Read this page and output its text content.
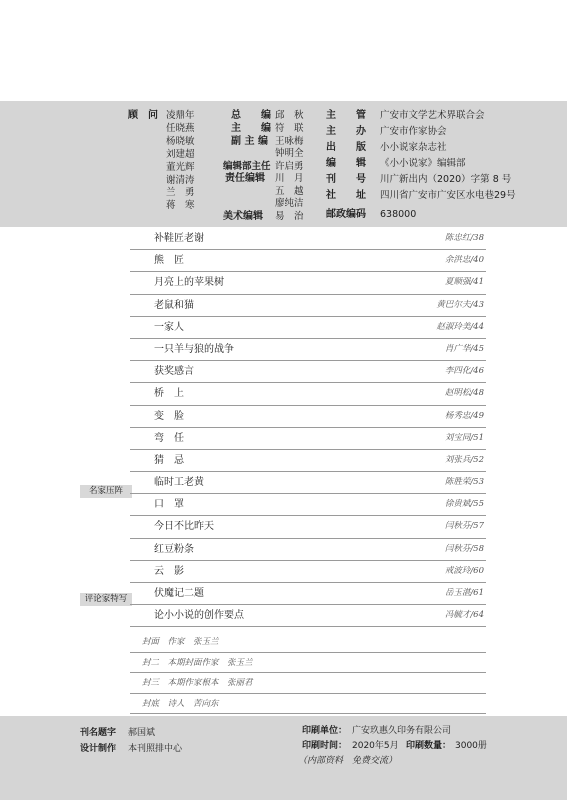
顾　问 凌鼎年
任晓燕
杨晓敏
刘建超
董光辉
谢清涛
兰　勇
蒋　寒
总　　编 邱　秋
主　　编 符　联
副 主 编 王咏梅
钟明全
编辑部主任 许启勇
责任编辑 川　月
五　越
廖纯洁
美术编辑 易　治
主　　管 广安市文学艺术界联合会
主　　办 广安市作家协会
出　　版 小小说家杂志社
编　　辑 《小小说家》编辑部
刊　　号 川广新出内（2020）字第 8 号
社　　址 四川省广安市广安区水电巷29号
邮政编码 638000
名家压阵
评论家特写
补鞋匠老谢	陈忠红/38
熊　匠	余洪忠/40
月亮上的苹果树	夏顺强/41
老鼠和猫	黄巴尔夫/43
一家人	赵淑玲美/44
一只羊与狼的战争	肖广华/45
获奖感言	李四化/46
桥　上	赵明松/48
变　脸	杨秀忠/49
弯　任	刘宝同/51
猜　忌	刘张兵/52
临时工老黄	陈胜荣/53
口　罩	徐贵斌/55
今日不比昨天	闫秋芬/57
红豆粉条	闫秋芬/58
云　影	戒波玲/60
伏魔记二题	岳玉湛/61
论小小说的创作要点	冯毓才/64
封面　作家　张玉兰
封二　本期封面作家　张玉兰
封三　本期作家根本　张丽君
封底　诗人　苦向东
刊名题字 郝国斌
设计制作 本刊照排中心
印刷单位： 广安玖惠久印务有限公司
印刷时间： 2020年5月 印刷数量： 3000册
（内部资料　免费交流）
